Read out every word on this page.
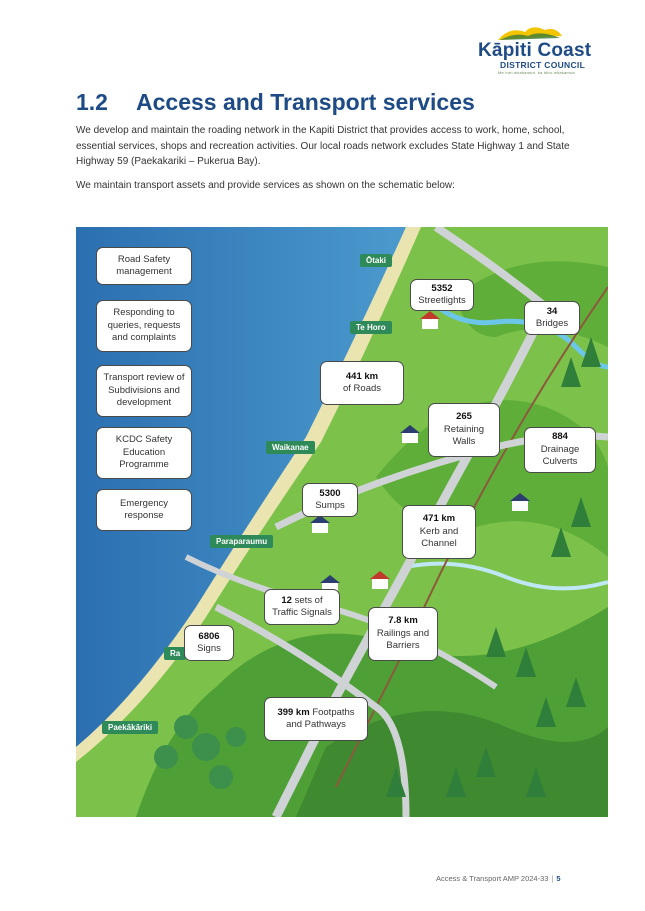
Kāpiti Coast
DISTRICT COUNCIL
Me huri whakamuri, ka titiro whakamua
1.2 Access and Transport services
We develop and maintain the roading network in the Kapiti District that provides access to work, home, school, essential services, shops and recreation activities. Our local roads network excludes State Highway 1 and State Highway 59 (Paekakariki – Pukerua Bay).
We maintain transport assets and provide services as shown on the schematic below:
Ōtaki
Te Horo
Waikanae
Paraparaumu
Ra
Paekākāriki
Road Safety management
Responding to queries, requests and complaints
Transport review of Subdivisions and development
KCDC Safety Education Programme
Emergency response
5352
Streetlights
34
Bridges
441 km
of Roads
265
Retaining Walls	884
Drainage Culverts
5300
Sumps
471 km
Kerb and Channel
12 sets of Traffic Signals
7.8 km
Railings and Barriers
6806
Signs
399 km Footpaths and Pathways
Access & Transport AMP 2024-33 | 5
